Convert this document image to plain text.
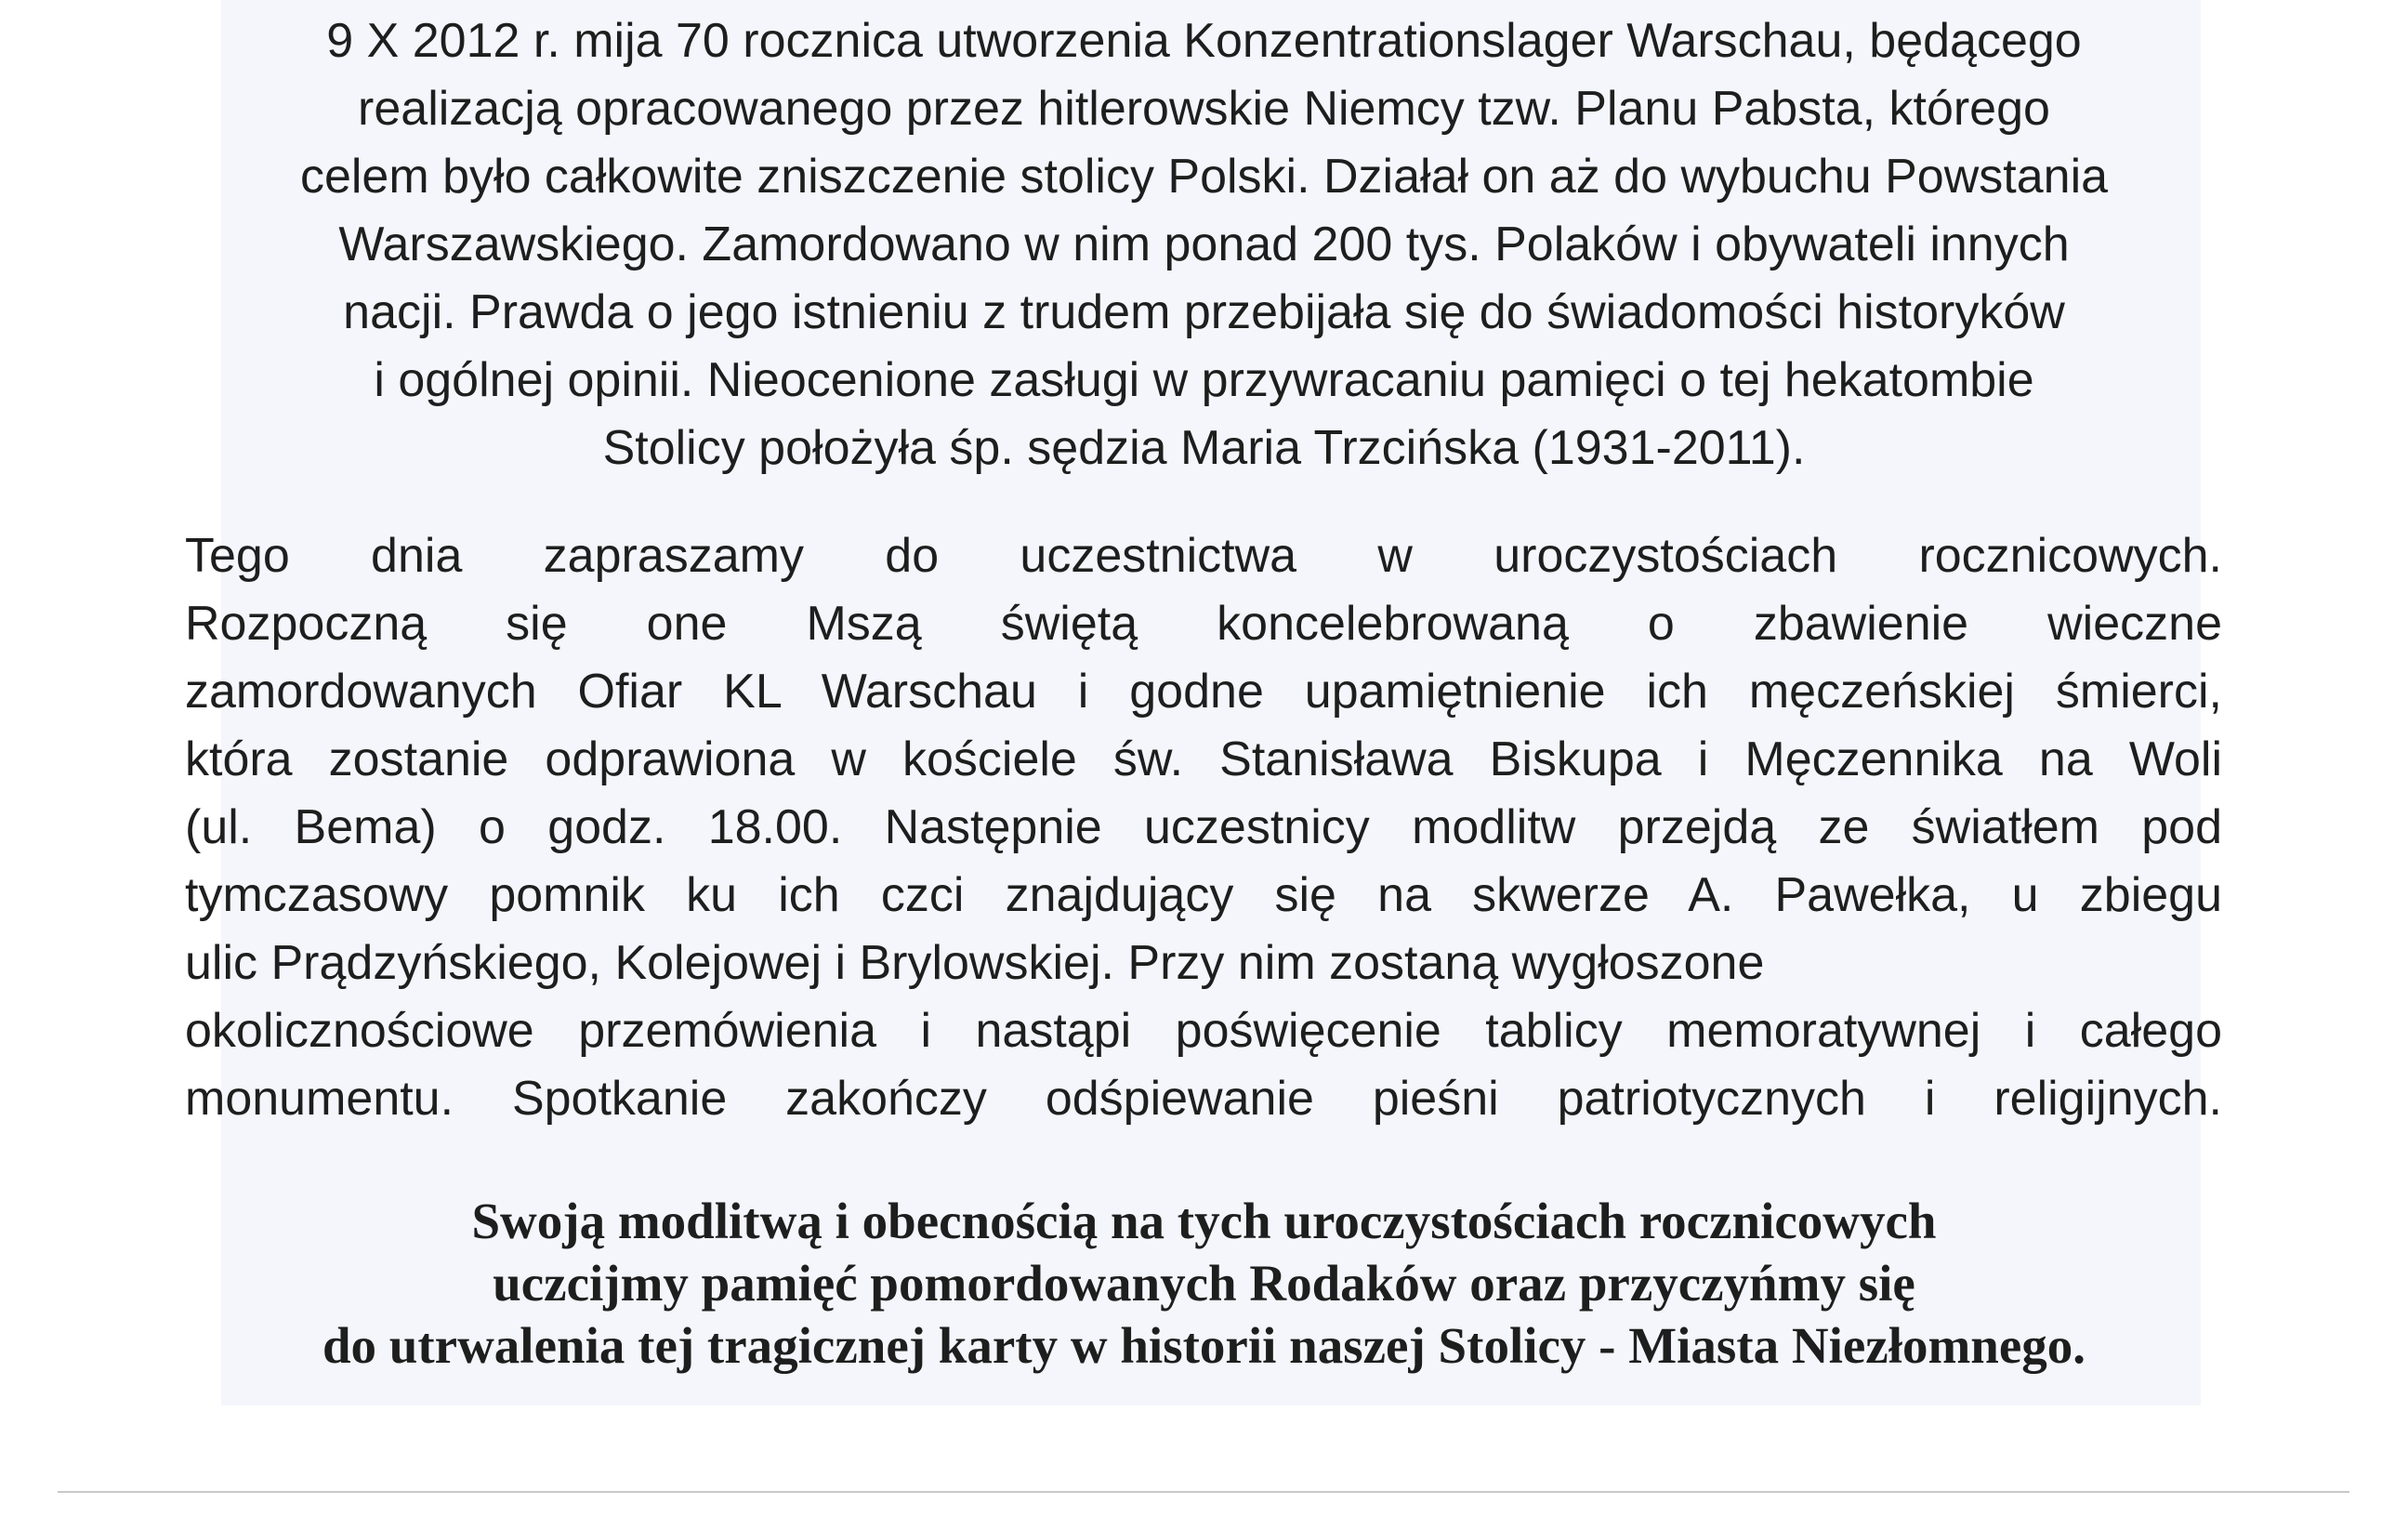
9 X 2012 r. mija 70 rocznica utworzenia Konzentrationslager Warschau, będącego
realizacją opracowanego przez hitlerowskie Niemcy tzw. Planu Pabsta, którego
celem było całkowite zniszczenie stolicy Polski. Działał on aż do wybuchu Powstania
Warszawskiego. Zamordowano w nim ponad 200 tys. Polaków i obywateli innych
nacji. Prawda o jego istnieniu z trudem przebijała się do świadomości historyków
i ogólnej opinii. Nieocenione zasługi w przywracaniu pamięci o tej hekatombie
Stolicy położyła śp. sędzia Maria Trzcińska (1931-2011).
Tego dnia zapraszamy do uczestnictwa w uroczystościach rocznicowych.
Rozpoczną się one Mszą świętą koncelebrowaną o zbawienie wieczne
zamordowanych Ofiar KL Warschau i godne upamiętnienie ich męczeńskiej śmierci,
która zostanie odprawiona w kościele św. Stanisława Biskupa i Męczennika na Woli
(ul. Bema) o godz. 18.00. Następnie uczestnicy modlitw przejdą ze światłem pod
tymczasowy pomnik ku ich czci znajdujący się na skwerze A. Pawełka, u zbiegu
ulic Prądzyńskiego, Kolejowej i Brylowskiej. Przy nim zostaną wygłoszone
okolicznościowe przemówienia i nastąpi poświęcenie tablicy memoratywnej i całego
monumentu. Spotkanie zakończy odśpiewanie pieśni patriotycznych i religijnych.
Swoją modlitwą i obecnością na tych uroczystościach rocznicowych
uczcijmy pamięć pomordowanych Rodaków oraz przyczyńmy się
do utrwalenia tej tragicznej karty w historii naszej Stolicy - Miasta Niezłomnego.
